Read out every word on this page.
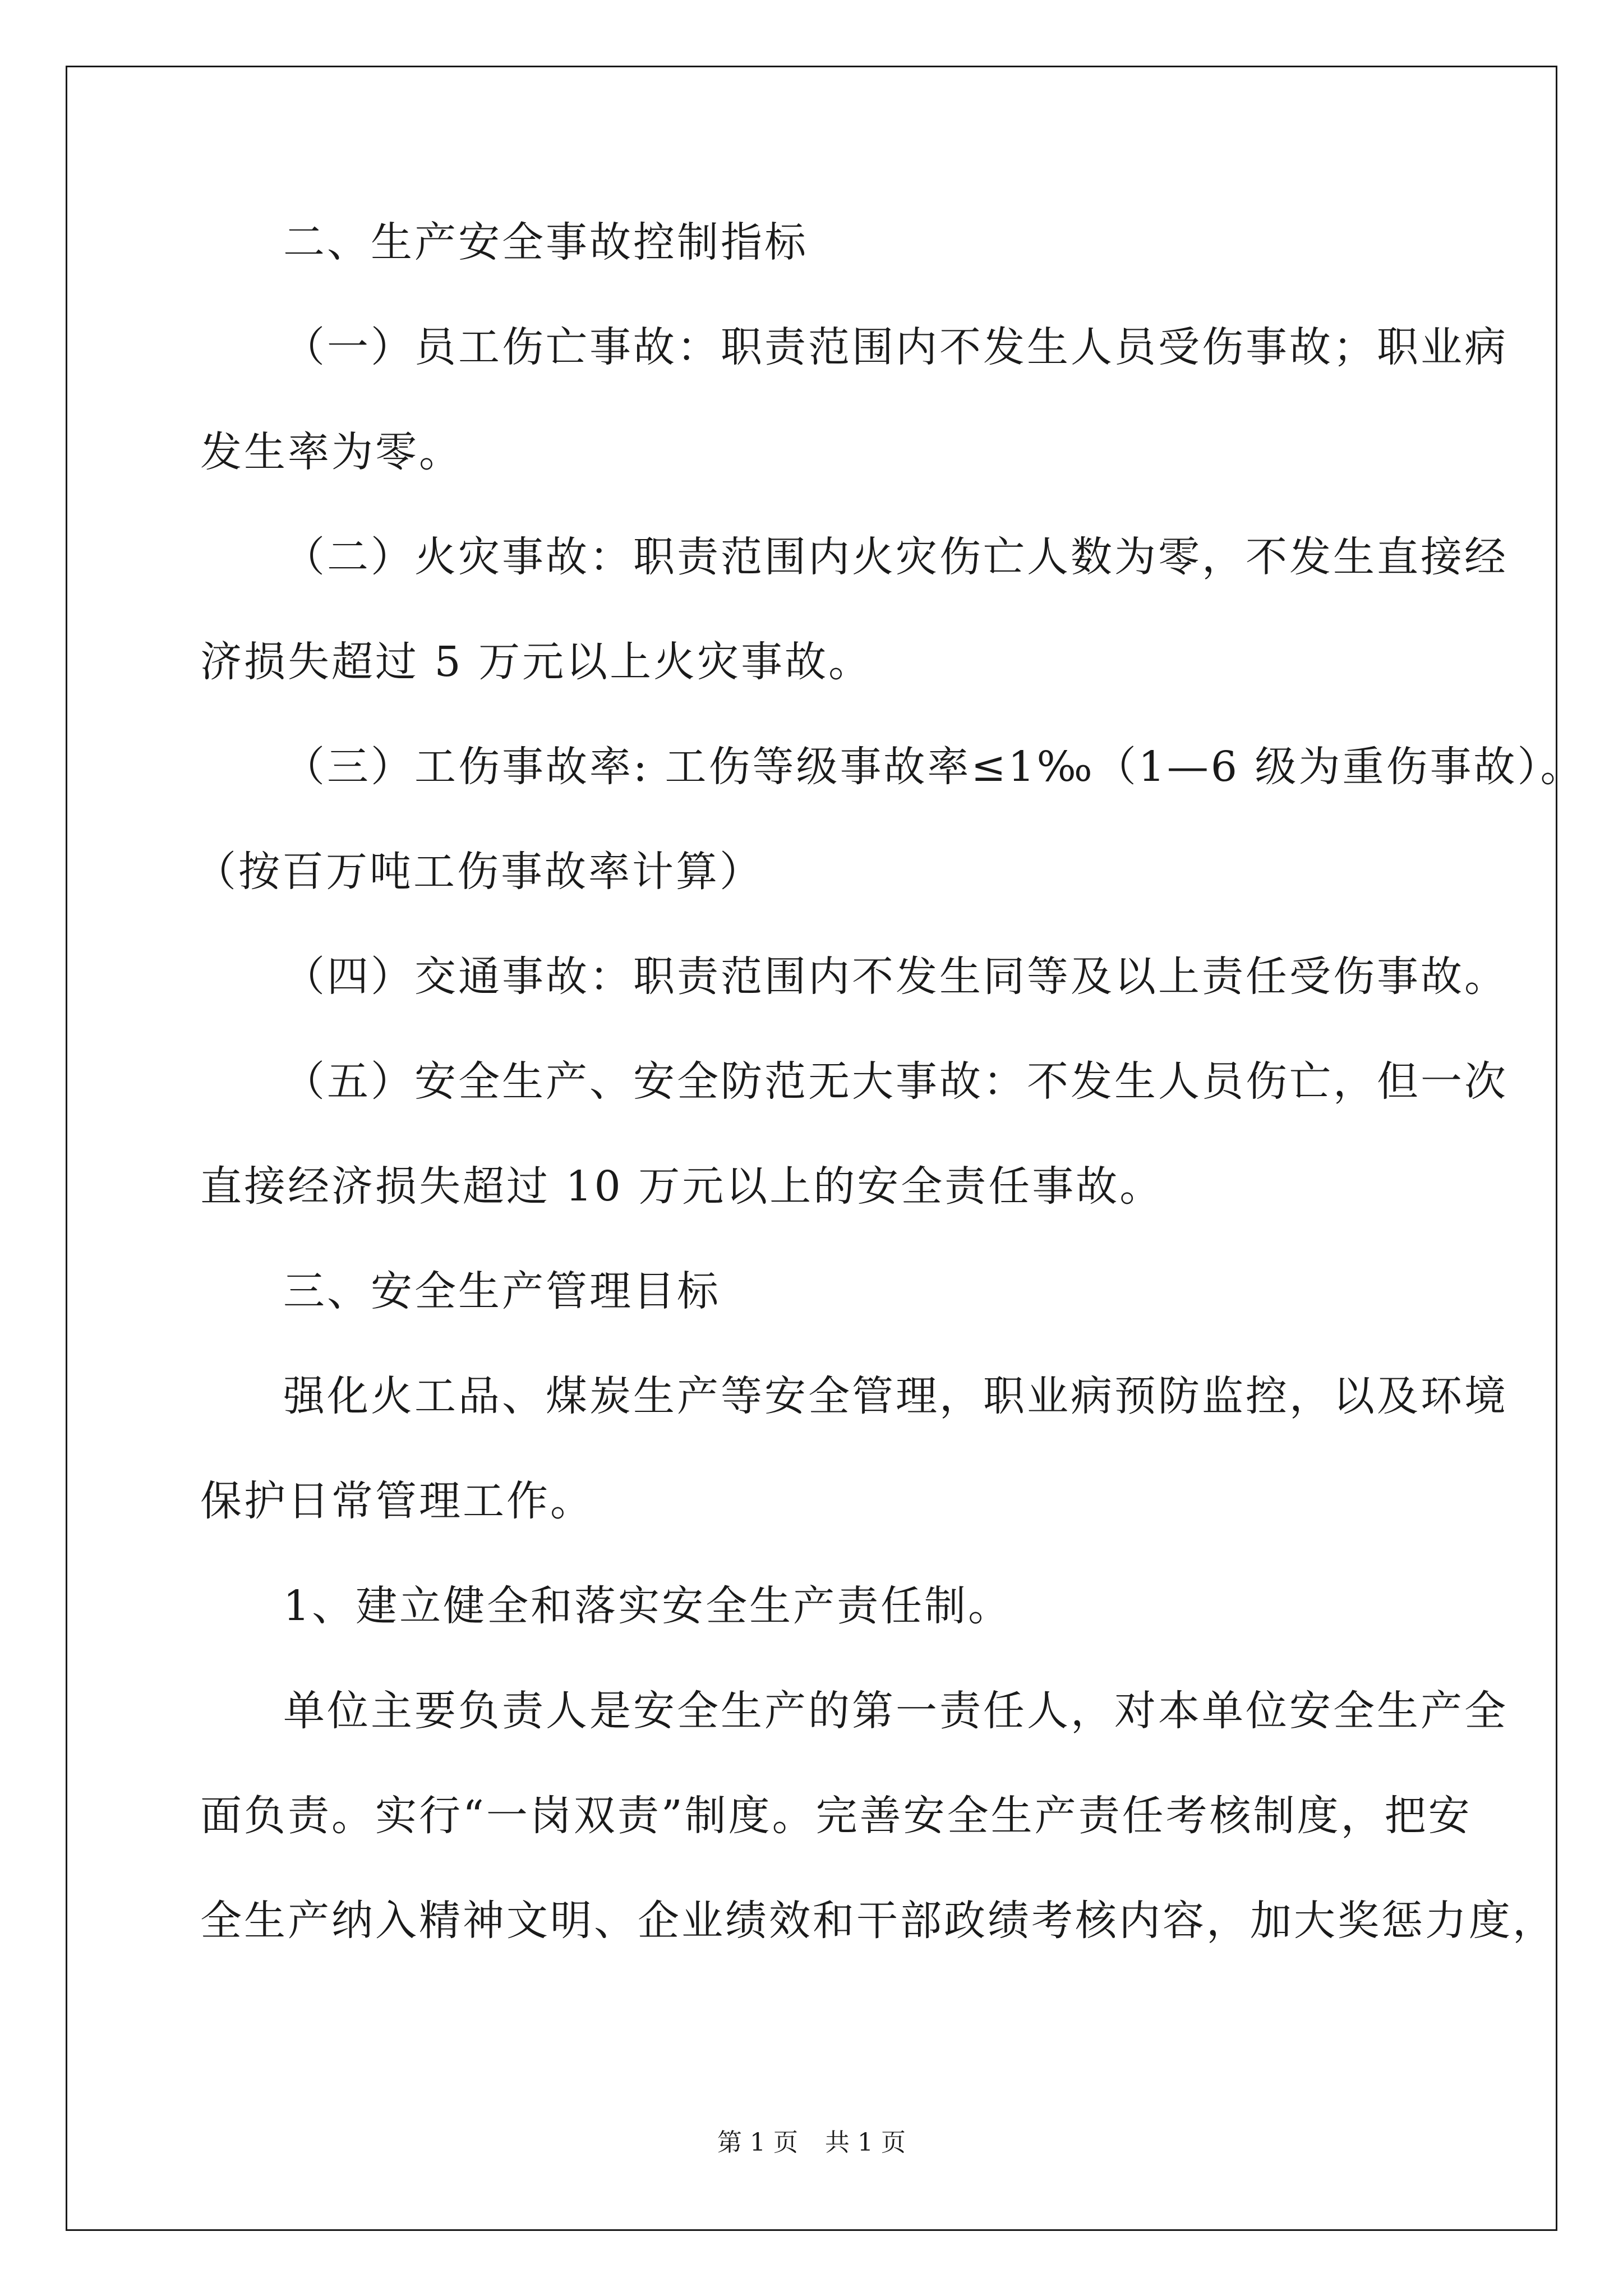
二、生产安全事故控制指标
（一）员工伤亡事故：职责范围内不发生人员受伤事故；职业病
发生率为零。
（二）火灾事故：职责范围内火灾伤亡人数为零，不发生直接经
济损失超过 5 万元以上火灾事故。
（三）工伤事故率: 工伤等级事故率≤1‰（1—6 级为重伤事故）。
（按百万吨工伤事故率计算）
（四）交通事故：职责范围内不发生同等及以上责任受伤事故。
（五）安全生产、安全防范无大事故：不发生人员伤亡，但一次
直接经济损失超过 10 万元以上的安全责任事故。
三、安全生产管理目标
强化火工品、煤炭生产等安全管理，职业病预防监控，以及环境
保护日常管理工作。
1、建立健全和落实安全生产责任制。
单位主要负责人是安全生产的第一责任人，对本单位安全生产全
面负责。实行“一岗双责”制度。完善安全生产责任考核制度，把安
全生产纳入精神文明、企业绩效和干部政绩考核内容，加大奖惩力度，
第 1 页 共 1 页
